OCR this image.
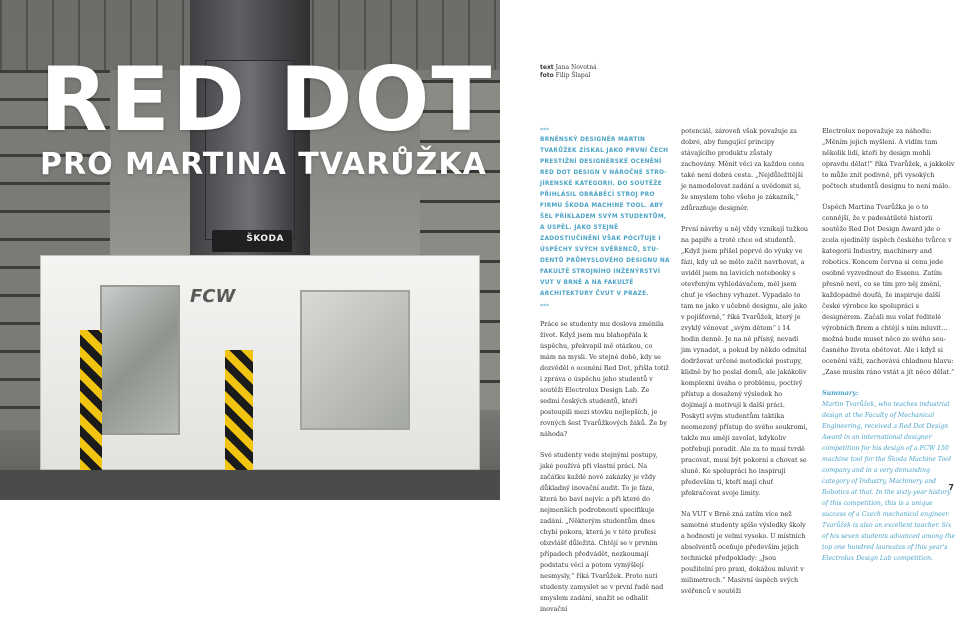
ŠKODA
FCW
RED DOT
PRO MARTINA TVARŮŽKA
text Jana Novotná
foto Filip Šlapal
***

BRNĚNSKÝ DESIGNÉR MARTIN TVARŮŽEK ZÍSKAL JAKO PRVNÍ ČECH PRESTIŽNÍ DESIGNÉRSKÉ OCENĚNÍ RED DOT DESIGN V NÁROČNÉ STROJÍRENSKÉ KATEGORII. DO SOUTĚŽE PŘIHLÁSIL OBRÁBĚCÍ STROJ PRO FIRMU ŠKODA MACHINE TOOL. ABY ŠEL PŘÍKLADEM SVÝM STUDENTŮM, A USPĚL. JAKO STEJNĚ ZADOSTIUČINĚNÍ VŠAK POCIŤUJE I ÚSPĚCHY SVÝCH SVĚŘENCŮ, STUDENTŮ PRŮMYSLOVÉHO DESIGNU NA FAKULTĚ STROJNÍHO INŽENÝRSTVÍ VUT V BRNĚ A NA FAKULTĚ ARCHITEKTURY ČVUT V PRAZE.

***

Práce se studenty mu doslova změnila život. Když jsem mu blahopřála k úspěchu, překvapil mě otázkou, co mám na mysli. Ve stejné době, kdy se dozvěděl o ocenění Red Dot, přišla totiž i zpráva o úspěchu jeho studentů v soutěži Electrolux Design Lab. Ze sedmi českých studentů, kteří postoupili mezi stovku nejlepších, je rovných šest Tvarůžkových žáků. Že by náhoda?

Své studenty vede stejnými postupy, jaké používá při vlastní práci. Na začátku každé nové zakázky je vždy důkladný inovační audit. To je fáze, která ho baví nejvíc a při které do nejmenších podrobností specifikuje zadání. „Některým studentům dnes chybí pokora, která je v této profesi obzvlášť důležitá. Chtějí se v prvním případech předvádět, nezkoumají podstatu věci a potom vymýšlejí nesmysly,“ říká Tvarůžek. Proto nutí studenty zamyslet se v první řadě nad smyslem zadání, snažit se odhalit inovační

potenciál, zároveň však považuje za dobré, aby fungující principy stávajícího produktu zůstaly zachovány. Měnit věci za každou cenu také není dobrá cesta. „Nejdůležitější je namodelovat zadání a uvědomit si, že smyslem toho všeho je zákazník,“ zdůrazňuje designér.

První návrhy u něj vždy vznikají tužkou na papíře a trotě chce od studentů. „Když jsem přišel poprvé do výuky ve fázi, kdy už se mělo začít navrhovat, a uviděl jsem na lavicích notebooky s otevřeným vyhledávačem, měl jsem chuť je všechny vyhazet. Vypadalo to tam ne jako v učebně designu, ale jako v pojišťovně,“ říká Tvarůžek, který je zvyklý věnovat „svým dětem“ i 14 hodin denně. Je na ně přísný, nevadí jim vynadat, a pokud by někdo odmítal dodržovat určené metodické postupy, klidně by ho poslal domů, ale jakákoliv komplexní úvaha o problému, poctivý přístup a dosažený výsledek ho dojímají a motivují k další práci. Poskytl svým studentům taktika neomezený přístup do svého soukromí, takže mu smějí zavolat, kdykoliv potřebují poradit. Ale za to musí tvrdě pracovat, musí být pokorní a chovat se sluně. Ke spolupráci ho inspirují především ti, kteří mají chuť překračovat svoje limity.

Na VUT v Brně zná zatím více než samotné studenty spíše výsledky školy a hodností je velmi vysoko. U místních absolventů oceňuje především jejich technické předpoklady: „Jsou použitelní pro praxi, dokážou mluvit v milimetrech.“ Masivní úspěch svých svěřenců v soutěži

Electrolux nepovažuje za náhodu: „Měním jejich myšlení. A vidím tam několik lidí, kteří by design mohli opravdu dělat!“ říká Tvarůžek, a jakkoliv to může znít podivně, při vysokých počtech studentů designu to není málo.

Úspěch Martina Tvarůžka je o to cennější, že v padesátileté historii soutěže Red Dot Design Award jde o zcela ojedinělý úspěch českého tvůrce v kategorii Industry, machinery and robotics. Koncem června si cenu jede osobně vyzvednout do Essenu. Zatím přesně neví, co se tím pro něj změní, každopádně doufá, že inspiruje další české výrobce ke spolupráci s designérem. Začali mu volat ředitelé výrobních firem a chtějí s ním mluvit… možná bude muset něco ze svého současného života obětovat. Ale i když si ocenění váží, zachovává chladnou hlavu: „Zase musím ráno vstát a jít něco dělat.“

Summary:

Martin Tvarůžek, who teaches industrial design at the Faculty of Mechanical Engineering, received a Red Dot Design Award in an international designer competition for his design of a FCW 150 machine tool for the Škoda Machine Tool company and in a very demanding category of Industry, Machinery and Robotics at that. In the sixty-year history of this competition, this is a unique success of a Czech mechanical engineer. Tvarůžek is also an excellent teacher. Six of his seven students advanced among the top one hundred laureates of this year's Electrolux Design Lab competition.

7
